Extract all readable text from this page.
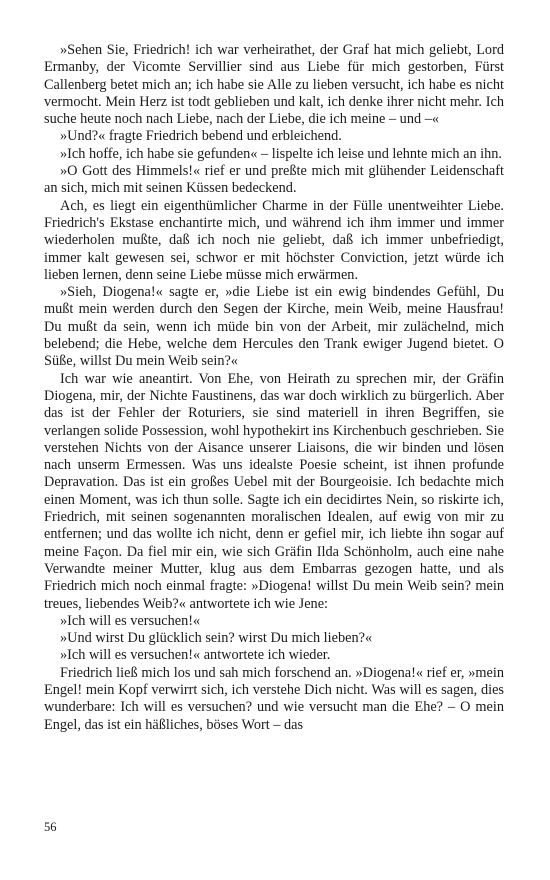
»Sehen Sie, Friedrich! ich war verheirathet, der Graf hat mich geliebt, Lord Ermanby, der Vicomte Servillier sind aus Liebe für mich gestorben, Fürst Callenberg betet mich an; ich habe sie Alle zu lieben versucht, ich habe es nicht vermocht. Mein Herz ist todt geblieben und kalt, ich denke ihrer nicht mehr. Ich suche heute noch nach Liebe, nach der Liebe, die ich meine – und –«

»Und?« fragte Friedrich bebend und erbleichend.

»Ich hoffe, ich habe sie gefunden« – lispelte ich leise und lehnte mich an ihn.

»O Gott des Himmels!« rief er und preßte mich mit glühender Leidenschaft an sich, mich mit seinen Küssen bedeckend.

Ach, es liegt ein eigenthümlicher Charme in der Fülle unentweihter Liebe. Friedrich's Ekstase enchantirte mich, und während ich ihm immer und immer wiederholen mußte, daß ich noch nie geliebt, daß ich immer unbefriedigt, immer kalt gewesen sei, schwor er mit höchster Conviction, jetzt würde ich lieben lernen, denn seine Liebe müsse mich erwärmen.

»Sieh, Diogena!« sagte er, »die Liebe ist ein ewig bindendes Gefühl, Du mußt mein werden durch den Segen der Kirche, mein Weib, meine Hausfrau! Du mußt da sein, wenn ich müde bin von der Arbeit, mir zulächelnd, mich belebend; die Hebe, welche dem Hercules den Trank ewiger Jugend bietet. O Süße, willst Du mein Weib sein?«

Ich war wie aneantirt. Von Ehe, von Heirath zu sprechen mir, der Gräfin Diogena, mir, der Nichte Faustinens, das war doch wirklich zu bürgerlich. Aber das ist der Fehler der Roturiers, sie sind materiell in ihren Begriffen, sie verlangen solide Possession, wohl hypothekirt ins Kirchenbuch geschrieben. Sie verstehen Nichts von der Aisance unserer Liaisons, die wir binden und lösen nach unserm Ermessen. Was uns idealste Poesie scheint, ist ihnen profunde Depravation. Das ist ein großes Uebel mit der Bourgeoisie. Ich bedachte mich einen Moment, was ich thun solle. Sagte ich ein decidirtes Nein, so riskirte ich, Friedrich, mit seinen sogenannten moralischen Idealen, auf ewig von mir zu entfernen; und das wollte ich nicht, denn er gefiel mir, ich liebte ihn sogar auf meine Façon. Da fiel mir ein, wie sich Gräfin Ilda Schönholm, auch eine nahe Verwandte meiner Mutter, klug aus dem Embarras gezogen hatte, und als Friedrich mich noch einmal fragte: »Diogena! willst Du mein Weib sein? mein treues, liebendes Weib?« antwortete ich wie Jene:

»Ich will es versuchen!«

»Und wirst Du glücklich sein? wirst Du mich lieben?«

»Ich will es versuchen!« antwortete ich wieder.

Friedrich ließ mich los und sah mich forschend an. »Diogena!« rief er, »mein Engel! mein Kopf verwirrt sich, ich verstehe Dich nicht. Was will es sagen, dies wunderbare: Ich will es versuchen? und wie versucht man die Ehe? – O mein Engel, das ist ein häßliches, böses Wort – das

56
